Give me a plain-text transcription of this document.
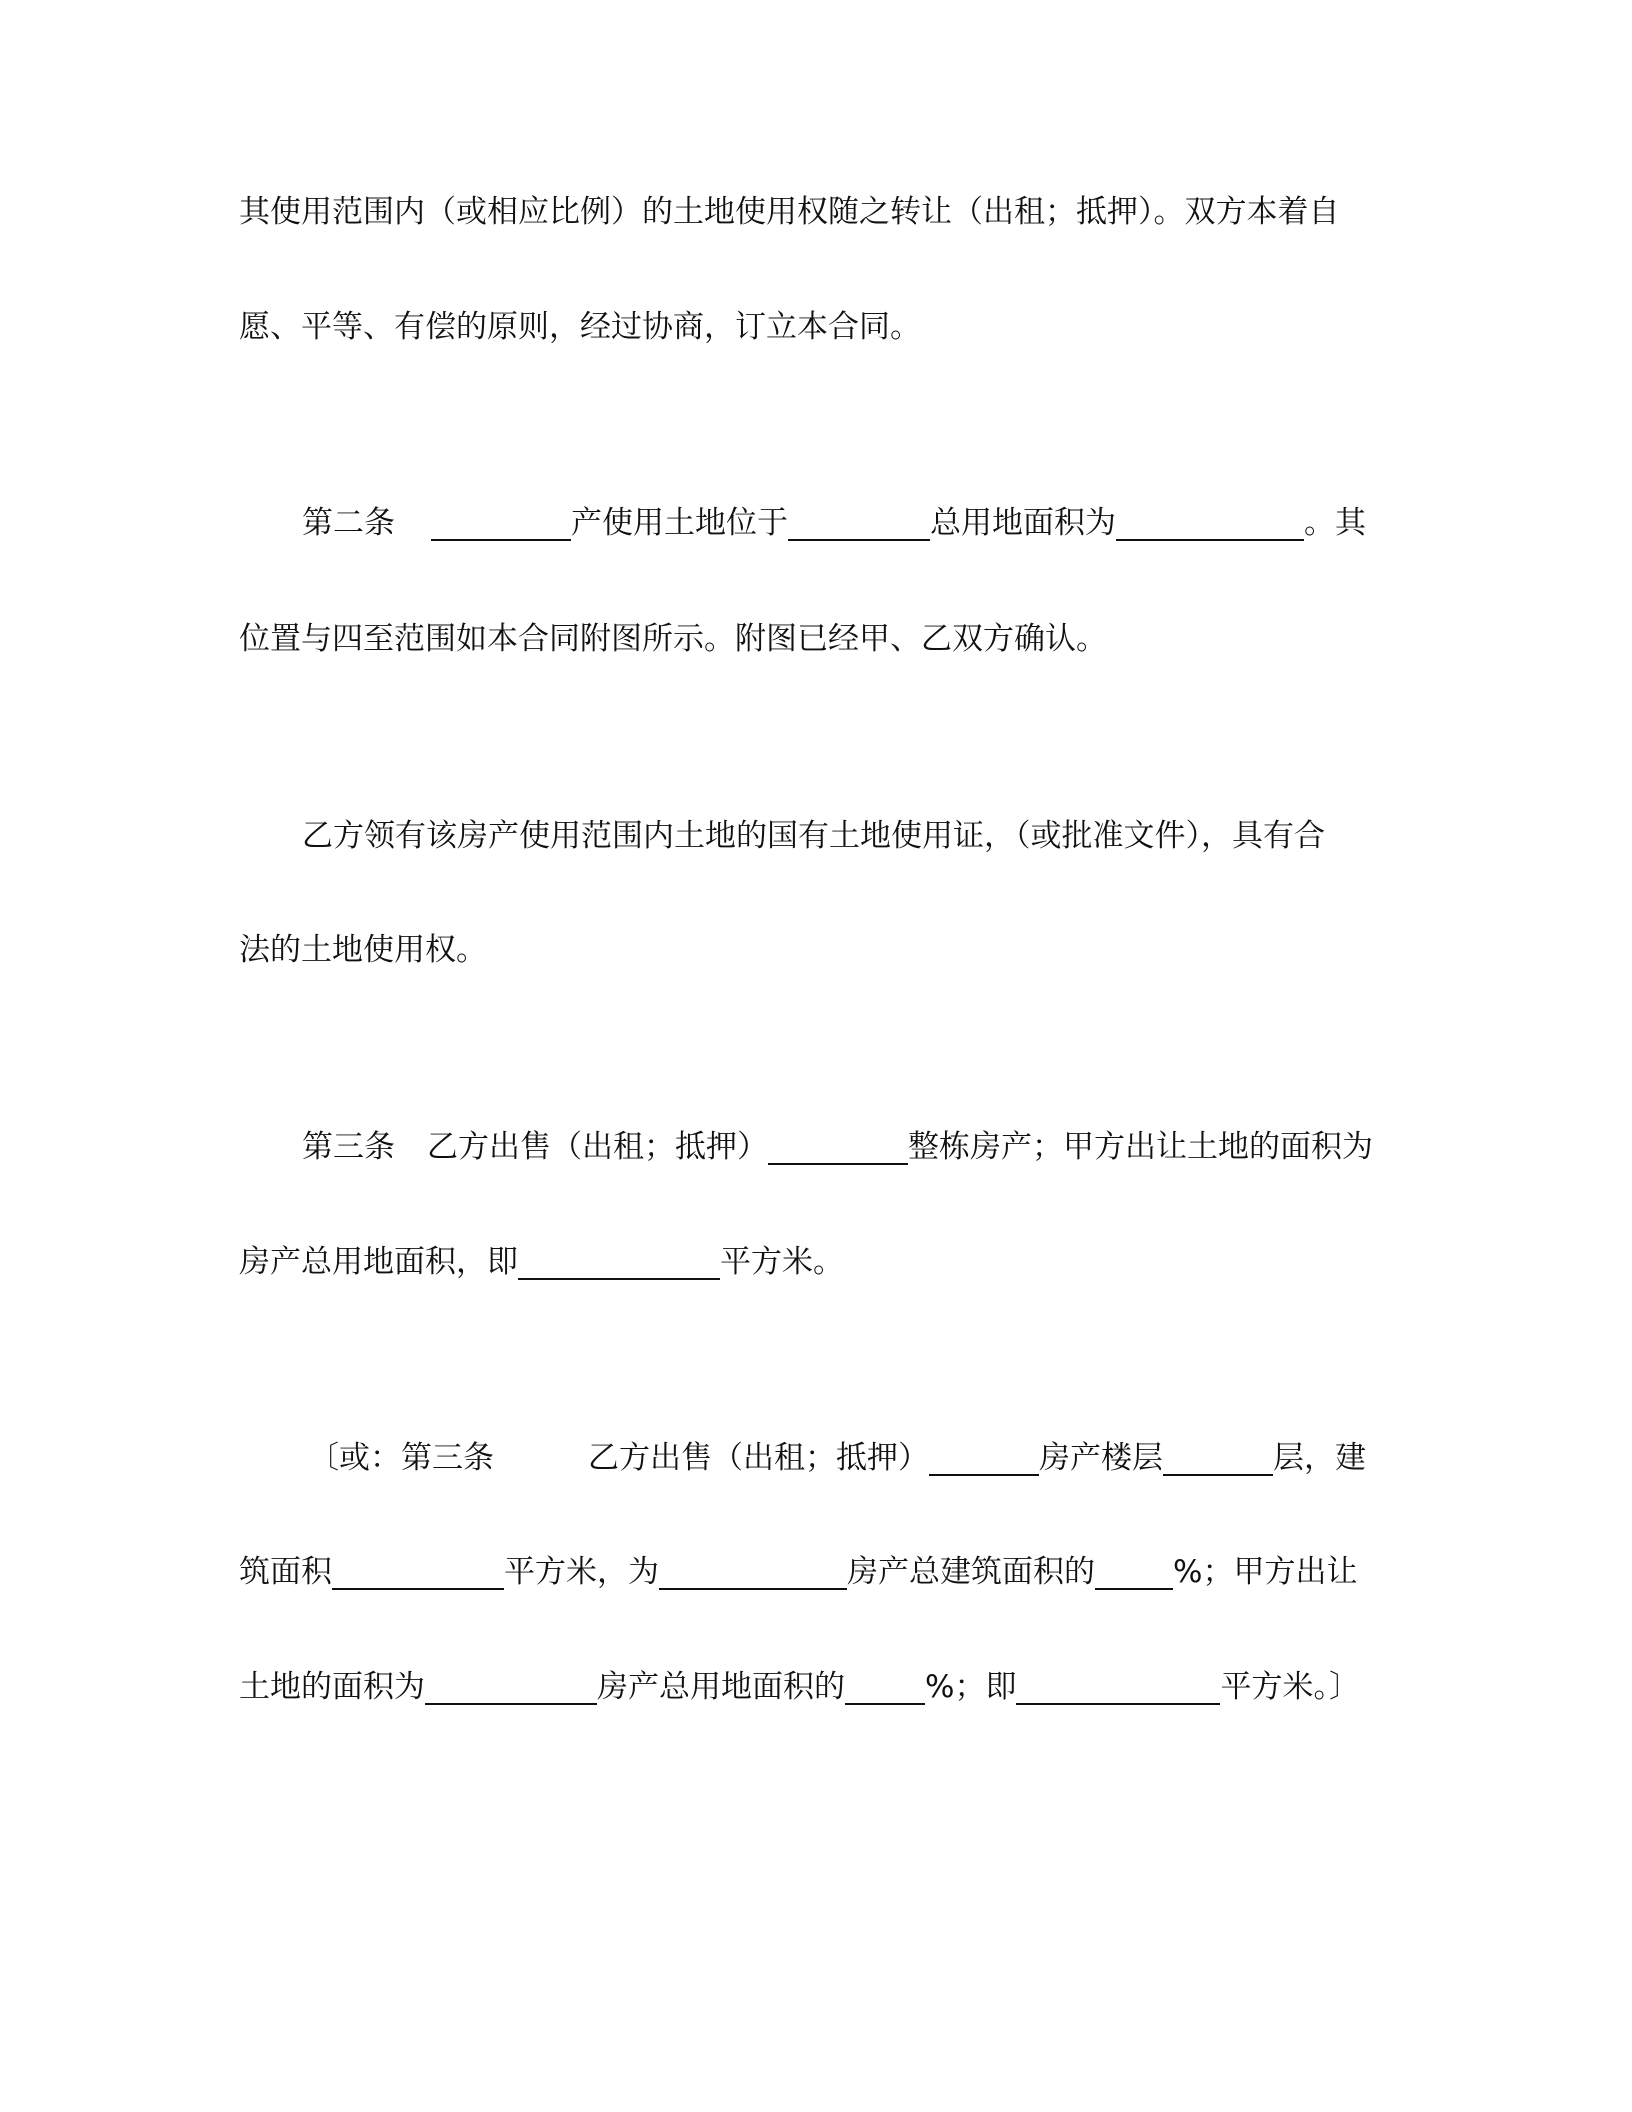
其使用范围内（或相应比例）的土地使用权随之转让（出租；抵押）。双方本着自
愿、平等、有偿的原则，经过协商，订立本合同。
第二条	产使用土地位于	总用地面积为	。其
位置与四至范围如本合同附图所示。附图已经甲、乙双方确认。
乙方领有该房产使用范围内土地的国有土地使用证，（或批准文件），具有合
法的土地使用权。
第三条 乙方出售（出租；抵押）	整栋房产；甲方出让土地的面积为
房产总用地面积，即	平方米。
〔或：第三条	乙方出售（出租；抵押）	房产楼层	层，建
筑面积	平方米，为	房产总建筑面积的	%；甲方出让
土地的面积为	房产总用地面积的	%；即	平方米。〕
